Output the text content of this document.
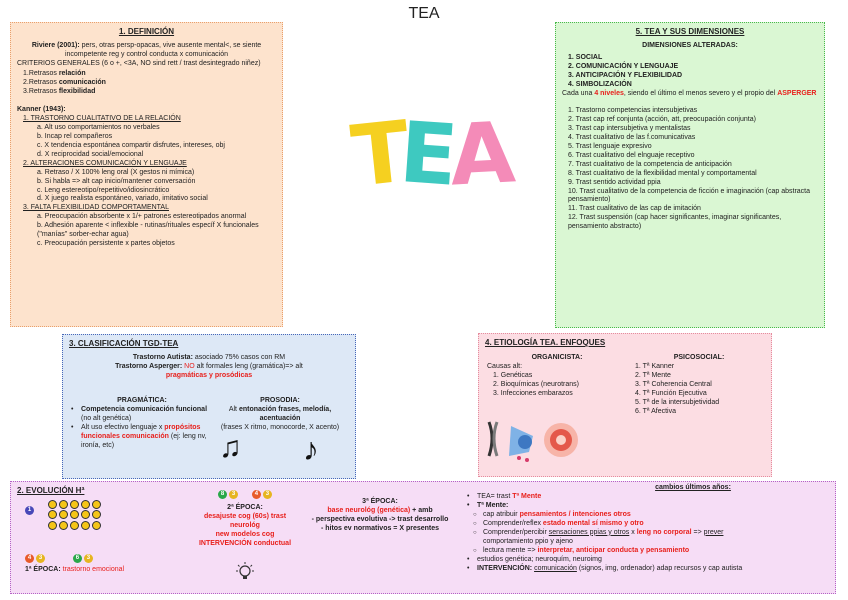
TEA
T
E
A
1. DEFINICIÓN
Riviere (2001): pers, otras persp-opacas, vive ausente mental<, se siente incompetente reg y control conducta x comunicación
CRITERIOS GENERALES (6 o +, <3A, NO sind rett / trast desintegrado niñez)
1.Retrasos relación
2.Retrasos comunicación
3.Retrasos flexibilidad
Kanner (1943):
1. TRASTORNO CUALITATIVO DE LA RELACIÓN
a. Alt uso comportamientos no verbales
b. Incap rel compañeros
c. X tendencia espontánea compartir disfrutes, intereses, obj
d. X reciprocidad social/emocional
2. ALTERACIONES COMUNICACIÓN Y LENGUAJE
a. Retraso / X 100% leng oral (X gestos ni mímica)
b. Si habla => alt cap inicio/mantener conversación
c. Leng estereotipo/repetitivo/idiosincrático
d. X juego realista espontáneo, variado, imitativo social
3. FALTA FLEXIBILIDAD COMPORTAMENTAL
a. Preocupación absorbente x 1/+ patrones estereotipados anormal
b. Adhesión aparente < inflexible - rutinas/rituales específ X funcionales ("manías" sorber-echar agua)
c. Preocupación persistente x partes objetos
5. TEA Y SUS DIMENSIONES
DIMENSIONES ALTERADAS:
1. SOCIAL
2. COMUNICACIÓN Y LENGUAJE
3. ANTICIPACIÓN Y FLEXIBILIDAD
4. SIMBOLIZACIÓN
Cada una 4 niveles, siendo el último el menos severo y el propio del ASPERGER
1. Trastorno competencias intersubjetivas
2. Trast cap ref conjunta (acción, att, preocupación conjunta)
3. Trast cap intersubjetiva y mentalistas
4. Trast cualitativo de las f.comunicativas
5. Trast lenguaje expresivo
6. Trast cualitativo del elnguaje receptivo
7. Trast cualitativo de la competencia de anticipación
8. Trast cualitativo de la flexibilidad mental y comportamental
9. Trast sentido actividad ppia
10. Trast cualitativo de la competencia de ficción e imaginación (cap abstracta pensamiento)
11. Trast cualitativo de las cap de imitación
12. Trast suspensión (cap hacer significantes, imaginar significantes, pensamiento abstracto)
3. CLASIFICACIÓN TGD-TEA
Trastorno Autista: asociado 75% casos con RM
Trastorno Asperger: NO alt formales leng (gramática)=> alt
pragmáticas y prosódicas
PRAGMÁTICA:
• Competencia comunicación funcional (no alt genética)
• Alt uso efectivo lenguaje x propósitos funcionales comunicación (ej: leng nv, ironía, etc)
PROSODIA:
Alt entonación frases, melodía, acentuación
(frases X ritmo, monocorde, X acento)
♫ ♪
4. ETIOLOGÍA TEA. ENFOQUES
ORGANICISTA:
Causas alt:
1. Genéticas
2. Bioquímicas (neurotrans)
3. Infecciones embarazos
PSICOSOCIAL:
1. Tª Kanner
2. Tª Mente
3. Tª Coherencia Central
4. Tª Función Ejecutiva
5. Tª de la intersubjetividad
6. Tª Afectiva
2. EVOLUCIÓN Hª
1

4 3	6 3
1ª ÉPOCA: trastorno emocional
8 3	4 3
2ª ÉPOCA:
desajuste cog (60s) trast
neurológ
new modelos cog
INTERVENCIÓN conductual
3ª ÉPOCA:
base neurológ (genética) + amb
- perspectiva evolutiva -> trast desarrollo
- hitos ev normativos = X presentes
cambios últimos años:
• TEA= trast Tª Mente
• Tª Mente:
○ cap atribuir pensamientos / intenciones otros
○ Comprender/reflex estado mental sí mismo y otro
○ Comprender/percibir sensaciones ppias y otros x leng no corporal => prever
comportamiento ppio y ajeno
○ lectura mente => interpretar, anticipar conducta y pensamiento
• estudios genética; neuroquím, neuroimg
• INTERVENCIÓN: comunicación (signos, img, ordenador) adap recursos y cap autista
